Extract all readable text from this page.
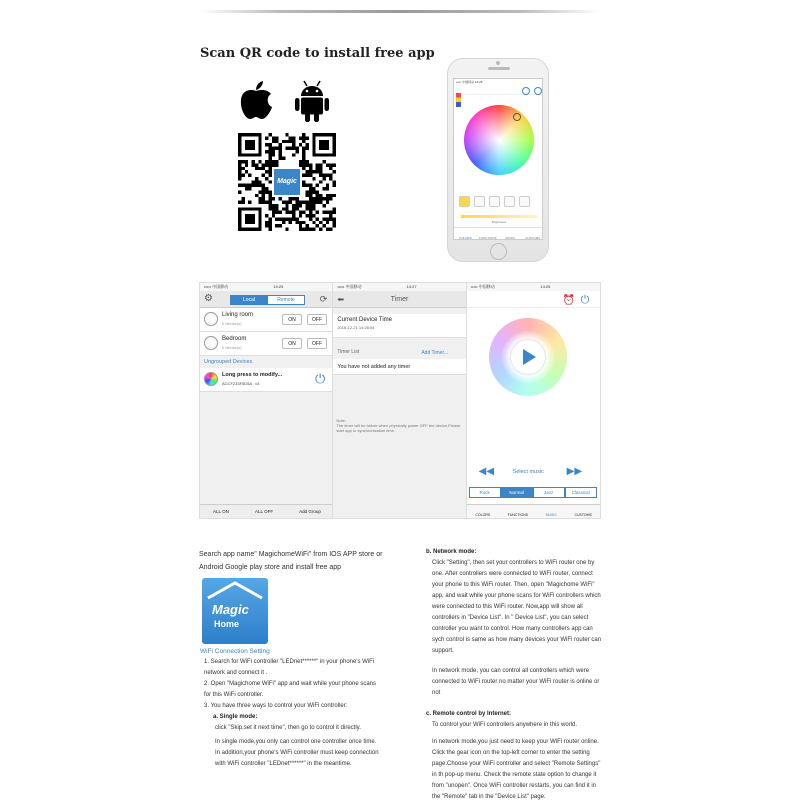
Scan QR code to install free app
Magic
••••• 中国移动 14:25
Brightness
COLORS	FUNCTIONS	MUSIC	CUSTOMS
••••• 中国移动	14:25
⚙	Local	Remote	⟳
Living room
0 device(s)
ON	OFF
Bedroom
0 device(s)
ON	OFF
Ungrouped Devices
Long press to modify...
ACCF233F5D5A , v3	⏻
ALL ON	ALL OFF	Add Group
••••• 中国移动	14:27
⬅	Timer
Current Device Time
2016-12-21 14:25:54
Timer List	Add Timer...
You have not added any timer
Note:
The timer will be failure when physically power OFF the device,Please start app to synchronization time.
••••• 中国移动	14:25
⏰ ⏻
◀◀	Select music ▶▶
Rock	Normal	Jazz	Classical
COLORS	FUNCTIONS	MUSIC	CUSTOMS
Search app name" MagichomeWiFi" from IOS APP store or Android Google play store and install free app
Magic
Home
WiFi Connection Setting
1. Search for WiFi controller "LEDnet******" in your phone's WiFi network and connect it .
2. Open "Magichome WiFi" app and wait while your phone scans for this WiFi controller.
3. You have three ways to control your WiFi controller:
a. Single mode:
click "Skip,set it next time", then go to control it directly.
In single mode,you only can control one controller once time. In addition,your phone's WiFi controller must keep connection with WiFi controller "LEDnet******" in the meantime.
b. Network mode:
Click "Setting", then set your controllers to WiFi router one by one. After controllers were connected to WiFi router, connect your phone to this WiFi router. Then, open "Magichome WiFi" app, and wait while your phone scans for WiFi controllers which were connected to this WiFi router. Now,app will show all controllers in "Device List". In " Device List", you can select controller you want to control. How many controllers app can sych control is same as how many devices your WiFi router can support.
In network mode, you can control all controllers which were connected to WiFi router no matter your WiFi router is online or not
c. Remote control by Internet:
To control your WiFi controllers anywhere in this world.
In network mode,you just need to keep your WiFi router online. Click the gear icon on the top-left corner to enter the setting page.Choose your WiFi controller and select "Remote Settings" in th pop-up menu. Check the remote state option to change it from "unopen". Once WiFi controller restarts, you can find it in the "Remote" tab in the "Device List" page.
